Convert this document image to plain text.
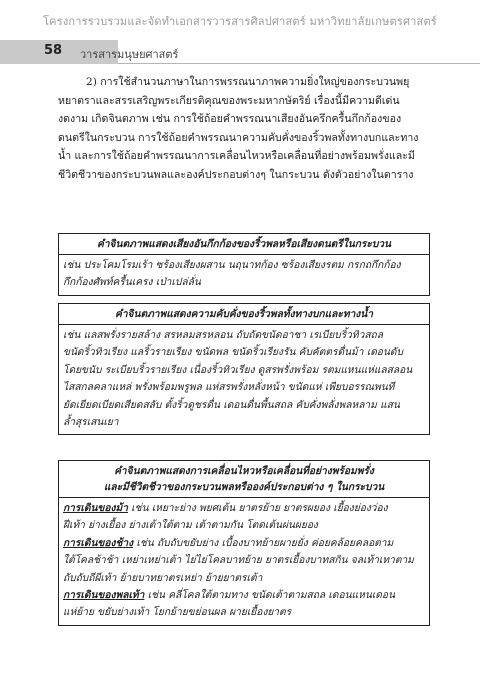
โครงการรวบรวมและจัดทำเอกสารวารสารศิลปศาสตร์ มหาวิทยาลัยเกษตรศาสตร์
58 วารสารมนุษยศาสตร์
2) การใช้สำนวนภาษาในการพรรณนาภาพความยิ่งใหญ่ของกระบวนพยุ
หยาตราและสรรเสริญพระเกียรติคุณของพระมหากษัตริย์ เรื่องนี้มีความดีเด่น
งดงาม เกิดจินตภาพ เช่น การใช้ถ้อยคำพรรณนาเสียงอันครึกครื้นกึกก้องของ
ดนตรีในกระบวน การใช้ถ้อยคำพรรณนาความคับคั่งของริ้วพลทั้งทางบกและทาง
น้ำ และการใช้ถ้อยคำพรรณนาการเคลื่อนไหวหรือเคลื่อนที่อย่างพร้อมพรั่งและมี
ชีวิตชีวาของกระบวนพลและองค์ประกอบต่างๆ ในกระบวน ดังตัวอย่างในตาราง
คำจินตภาพแสดงเสียงอันกึกก้องของริ้วพลหรือเสียงดนตรีในกระบวน
เช่น ประโคมโรมเร้า ซร้องเสียงผสาน นฤนาทก้อง ซร้องเสียงรตม กรกถกึกก้อง
กึกก้องศัพท์ครื้นเครง เป่าเปล่ลั่น
คำจินตภาพแสดงความคับคั่งของริ้วพลทั้งทางบกและทางน้ำ
เช่น แลสพรั่งรายสล้าง สรหลมสรหลอน ถับถัดขนัดอาชา เรเบียบริ้วทิวสถล
ขนัดริ้วทิวเรียง แลริ้วรายเรียง ขนัดพล ขนัดริ้วเรียงรัน คับคัตตรดื่นม้า เดอนดับ
โดยขนับ ระเบียบริ้วรายเรียง เนื่องริ้วทิวเรียง ดูสรพรั่งพร้อม รตมแหนแห่แลสลอน
ไสสกลคลาแหล่ พรั่งพร้อมพรูพล แห่สรพรั่งหลั่งหน้า ขนัดแห่ เพียบอรรณพนที
ยัดเยียดเบียดเสียดสลับ ตั้งริ้วดูชรดื่น เดอนดื่นพื้นสถล คับคั่งพลั่งพลหลาม แสน
ล้ำสุรเสนเยา
คำจินตภาพแสดงการเคลื่อนไหวหรือเคลื่อนที่อย่างพร้อมพรั่ง
และมีชีวิตชีวาของกระบวนพลหรือองค์ประกอบต่าง ๆ ในกระบวน
การเดินของม้า เช่น เหยาะย่าง พยศเต้น ยาตรย้าย ยาตรผยอง เยื้องย่องว่อง
ฝีเท้า ย่างเยื้อง ย่างเต้าใต้ตาม เต้าตามกัน โตดเต้นผ่นผยอง
การเดินของช้าง เช่น ถับถับขยับย่าง เบื้องบาทย้ายผายยั่ง ค่อยคล้อยคลอตาม
ใต้โคลช้าช้า เหย่าเหย่าเต้า ไย่ไย่โคลบาทย้าย ยาตรเยื้องบาทสกิน จลเท้าเทาตาม
ถับถับถีผีเท้า ย้ายบาทยาตรเหย่า ย้ายยาตรเต้า
การเดินของพลเท้า เช่น คลี่โคลใต้ตามทาง ขนัดเต้าตามสถล เดอนแหนเดอน
แห่ย้าย ขยับย่างเท้า โยกย้ายขย่อนผล ผายเยื้องยาตร
